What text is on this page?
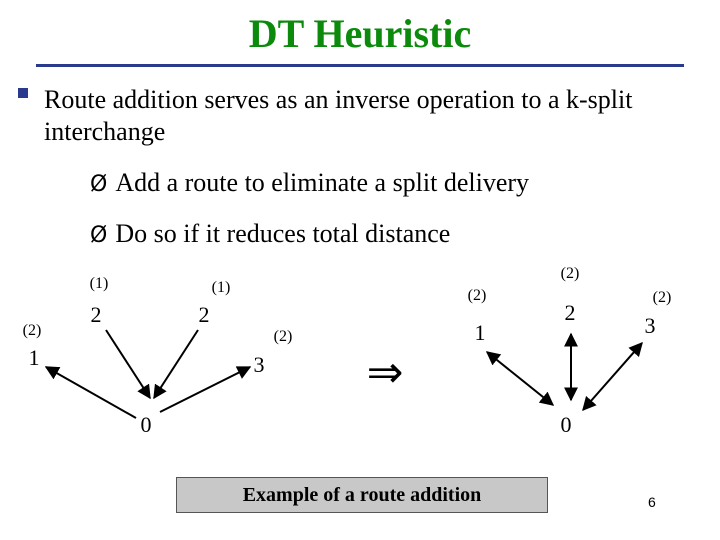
DT Heuristic
Route addition serves as an inverse operation to a k-split interchange
Ø Add a route to eliminate a split delivery
Ø Do so if it reduces total distance
1
2	2
3
0
(2)
(1)	(1)
(2)	1
2
3
0
(2)
(2)
(2)
⇒
Example of a route addition	6
